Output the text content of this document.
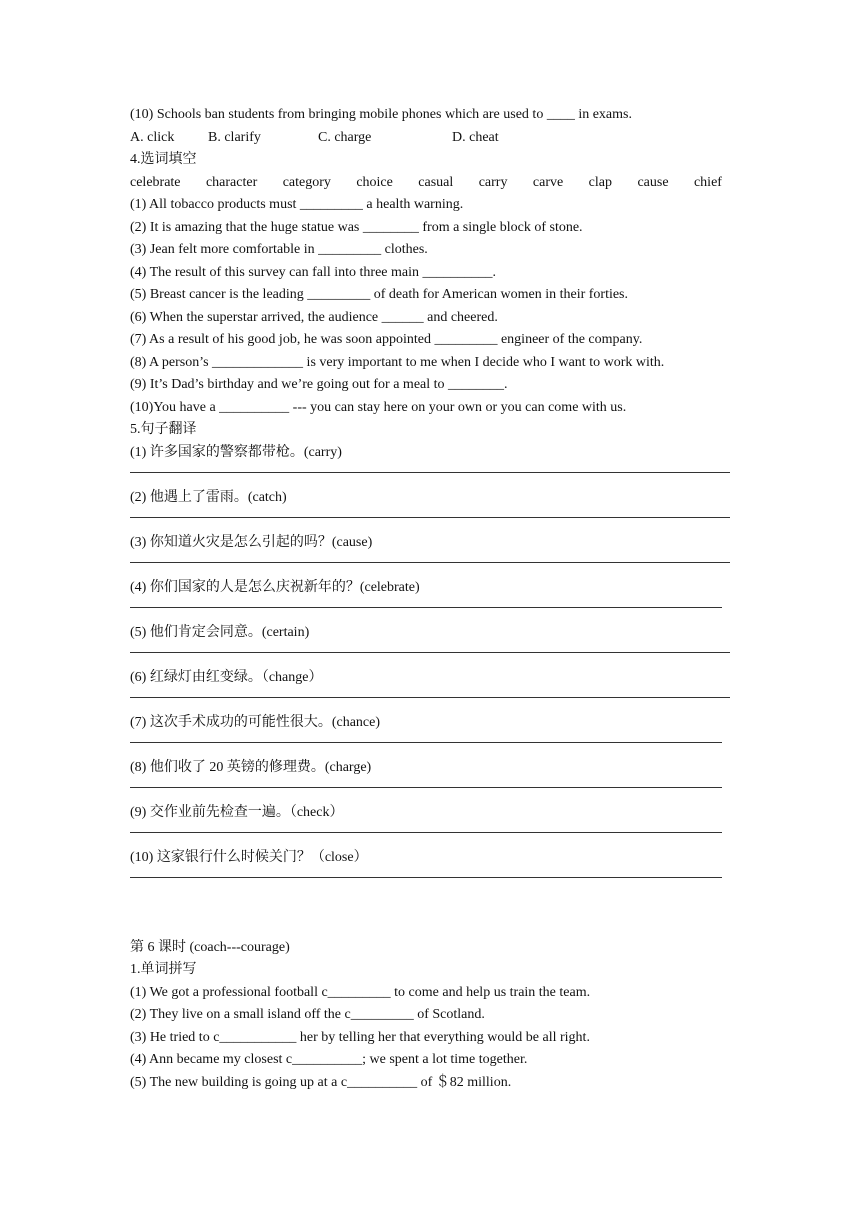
(10) Schools ban students from bringing mobile phones which are used to ____ in exams.
A. click	B. clarify	C. charge	D. cheat
4.选词填空
celebrate character category choice casual carry carve clap cause chief
(1) All tobacco products must _________ a health warning.
(2) It is amazing that the huge statue was ________ from a single block of stone.
(3) Jean felt more comfortable in _________ clothes.
(4) The result of this survey can fall into three main __________.
(5) Breast cancer is the leading _________ of death for American women in their forties.
(6) When the superstar arrived, the audience ______ and cheered.
(7) As a result of his good job, he was soon appointed _________ engineer of the company.
(8) A person’s _____________ is very important to me when I decide who I want to work with.
(9) It’s Dad’s birthday and we’re going out for a meal to ________.
(10)You have a __________ --- you can stay here on your own or you can come with us.
5.句子翻译
(1) 许多国家的警察都带枪。(carry)
(2) 他遇上了雷雨。(catch)
(3) 你知道火灾是怎么引起的吗？(cause)
(4) 你们国家的人是怎么庆祝新年的？(celebrate)
(5) 他们肯定会同意。(certain)
(6) 红绿灯由红变绿。（change）
(7) 这次手术成功的可能性很大。(chance)
(8) 他们收了 20 英镑的修理费。(charge)
(9) 交作业前先检查一遍。（check）
(10) 这家银行什么时候关门？（close）
第 6 课时 (coach---courage)
1.单词拼写
(1) We got a professional football c_________ to come and help us train the team.
(2) They live on a small island off the c_________ of Scotland.
(3) He tried to c___________ her by telling her that everything would be all right.
(4) Ann became my closest c__________; we spent a lot time together.
(5) The new building is going up at a c__________ of ＄82 million.
